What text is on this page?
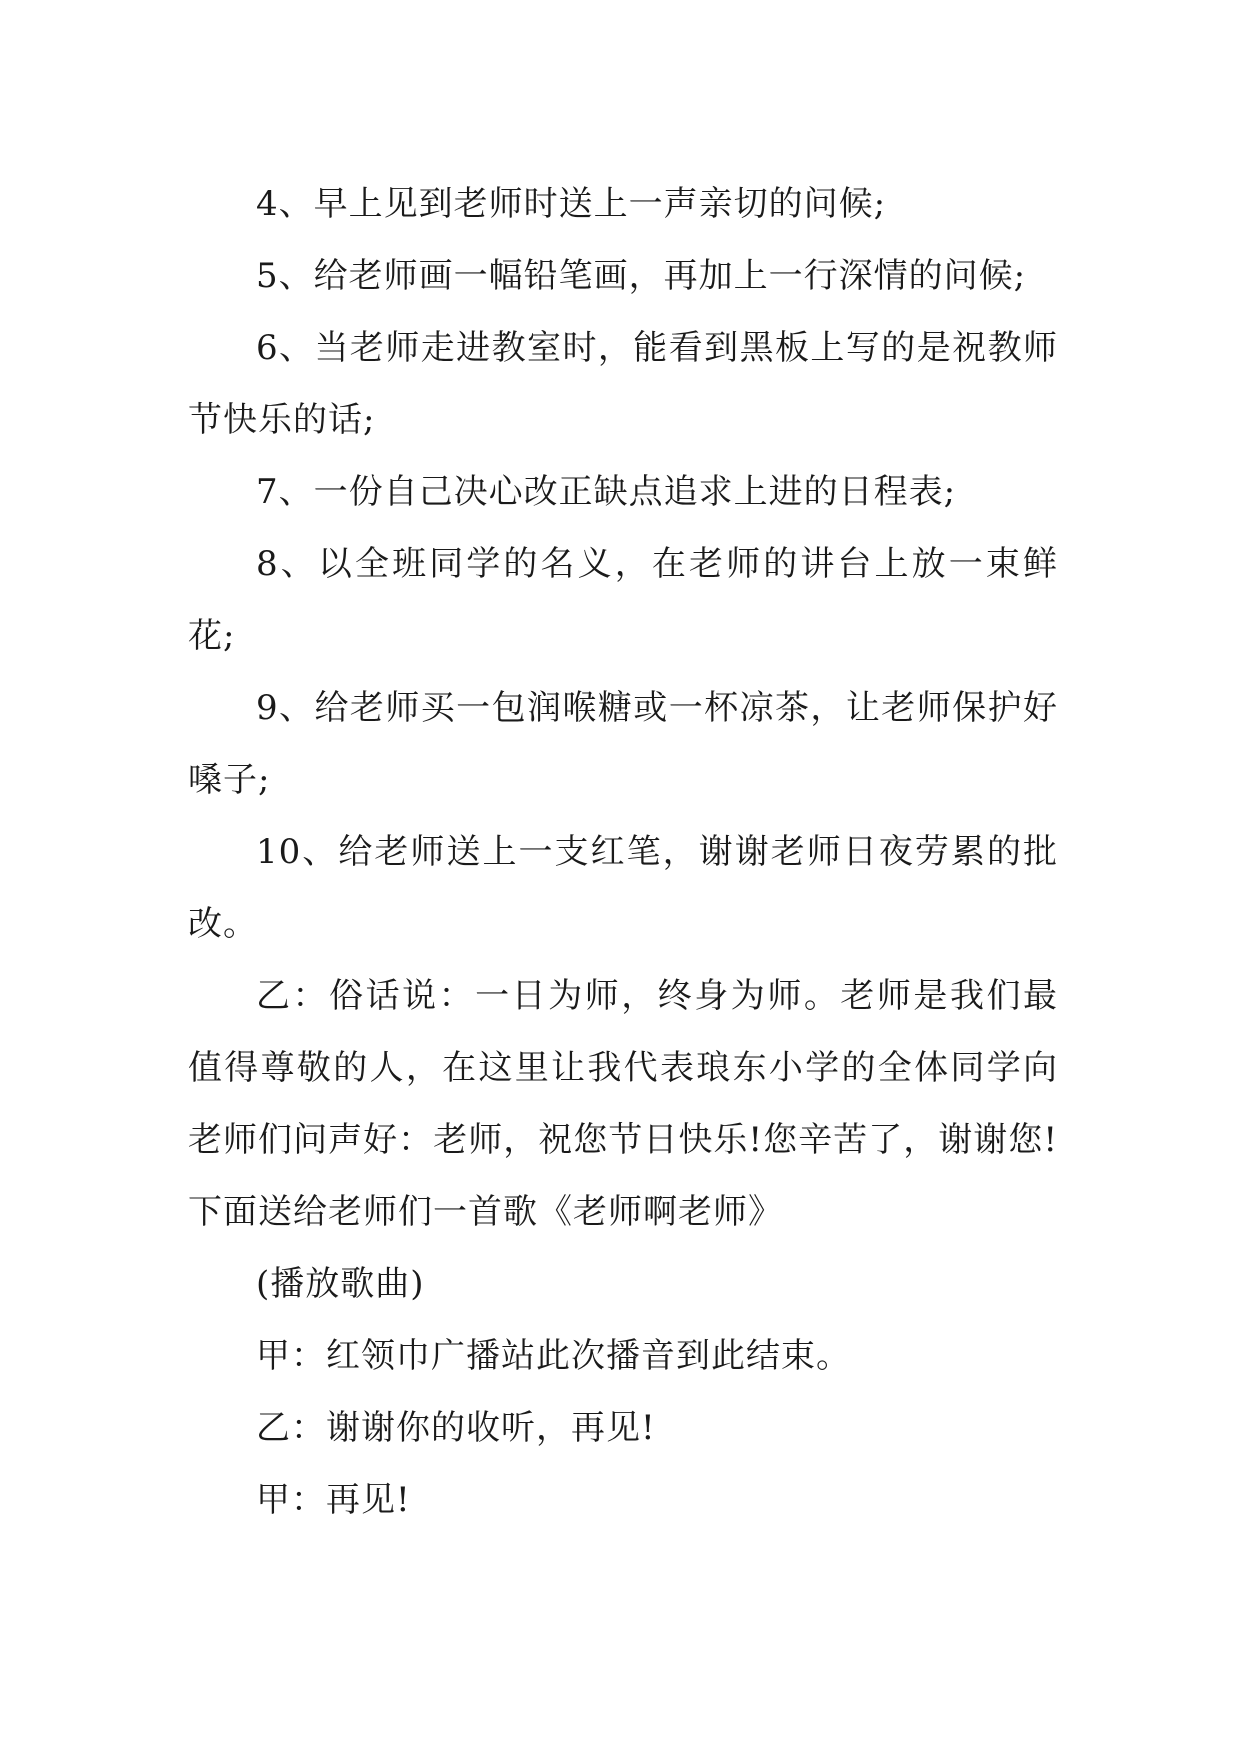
4、早上见到老师时送上一声亲切的问候;

5、给老师画一幅铅笔画，再加上一行深情的问候;

6、当老师走进教室时，能看到黑板上写的是祝教师节快乐的话;

7、一份自己决心改正缺点追求上进的日程表;

8、以全班同学的名义，在老师的讲台上放一束鲜花;

9、给老师买一包润喉糖或一杯凉茶，让老师保护好嗓子;

10、给老师送上一支红笔，谢谢老师日夜劳累的批改。

乙：俗话说：一日为师，终身为师。老师是我们最值得尊敬的人，在这里让我代表琅东小学的全体同学向老师们问声好：老师，祝您节日快乐!您辛苦了，谢谢您!下面送给老师们一首歌《老师啊老师》

(播放歌曲)

甲：红领巾广播站此次播音到此结束。

乙：谢谢你的收听，再见!

甲：再见!
